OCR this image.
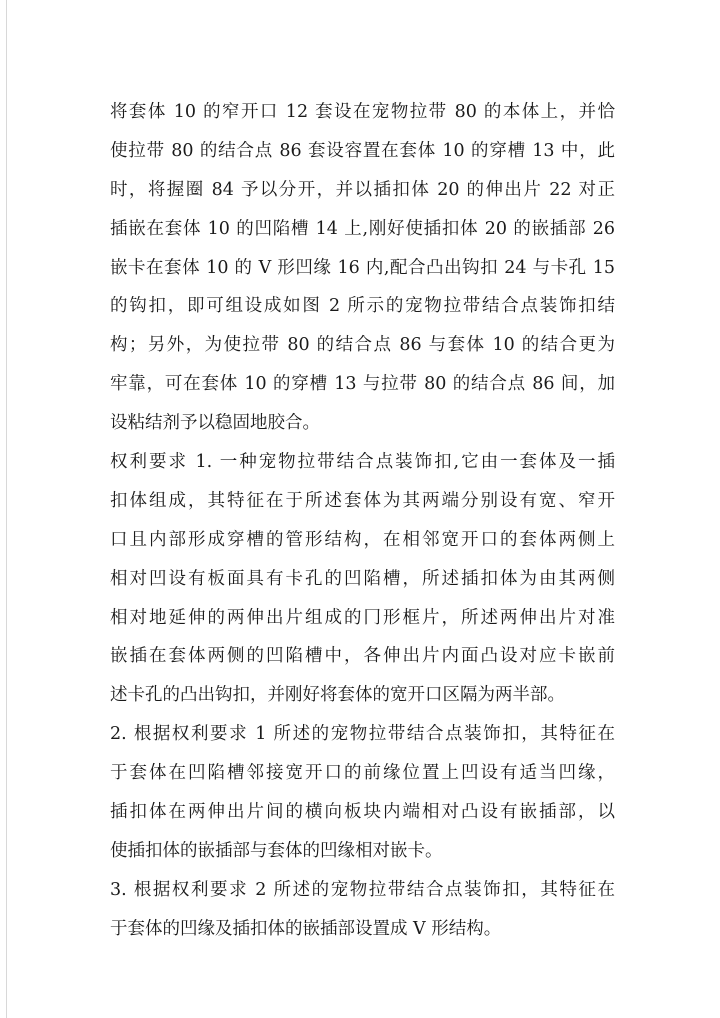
将套体 10 的窄开口 12 套设在宠物拉带 80 的本体上，并恰
使拉带 80 的结合点 86 套设容置在套体 10 的穿槽 13 中，此
时，将握圈 84 予以分开，并以插扣体 20 的伸出片 22 对正
插嵌在套体 10 的凹陷槽 14 上,刚好使插扣体 20 的嵌插部 26
嵌卡在套体 10 的 V 形凹缘 16 内,配合凸出钩扣 24 与卡孔 15
的钩扣，即可组设成如图 2 所示的宠物拉带结合点装饰扣结
构；另外，为使拉带 80 的结合点 86 与套体 10 的结合更为
牢靠，可在套体 10 的穿槽 13 与拉带 80 的结合点 86 间，加
设粘结剂予以稳固地胶合。
权利要求 1. 一种宠物拉带结合点装饰扣,它由一套体及一插
扣体组成，其特征在于所述套体为其两端分别设有宽、窄开
口且内部形成穿槽的管形结构，在相邻宽开口的套体两侧上
相对凹设有板面具有卡孔的凹陷槽，所述插扣体为由其两侧
相对地延伸的两伸出片组成的冂形框片，所述两伸出片对准
嵌插在套体两侧的凹陷槽中，各伸出片内面凸设对应卡嵌前
述卡孔的凸出钩扣，并刚好将套体的宽开口区隔为两半部。
2. 根据权利要求 1 所述的宠物拉带结合点装饰扣，其特征在
于套体在凹陷槽邻接宽开口的前缘位置上凹设有适当凹缘，
插扣体在两伸出片间的横向板块内端相对凸设有嵌插部，以
使插扣体的嵌插部与套体的凹缘相对嵌卡。
3. 根据权利要求 2 所述的宠物拉带结合点装饰扣，其特征在
于套体的凹缘及插扣体的嵌插部设置成 V 形结构。
